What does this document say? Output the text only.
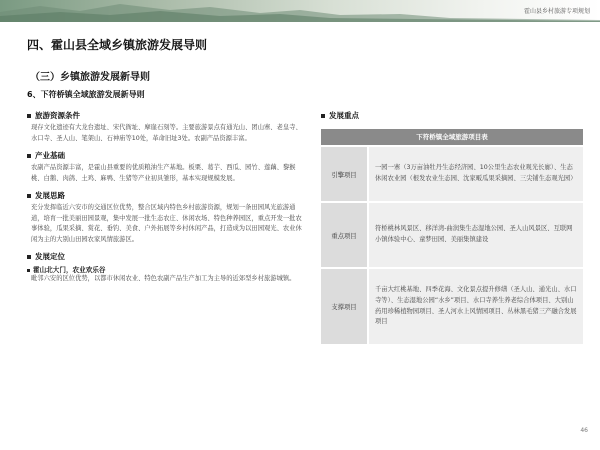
霍山县乡村旅游专项规划
四、霍山县全域乡镇旅游发展导则
（三）乡镇旅游发展新导则
6、下符桥镇全域旅游发展新导则
旅游资源条件
现存文化遗迹有大龙台遗址、宋代衙址、摩崖石刻等。主要旅游景点有通光山、团山寨、老皇寺、水口寺、圣人山、笔架山、石神庙等10处，革命旧址3处。农副产品资源丰富。
产业基础
农副产品资源丰富，是霍山县重要的优质粮油生产基地。板栗、葛芋、西瓜、园竹、莲藕、黎猴桃、白鹅、肉鸽、土鸡、麻鸭、生猪等产业初具雏形，基本实现规模发展。
发展思路
充分发挥临近六安市的交通区位优势，整合区域内特色乡村旅游资源，规划一条田园风光旅游通道，培育一批美丽田园景观，集中发展一批生态农庄、休闲农场、特色种养园区，重点开发一批农事体验，瓜果采摘、赏花、垂钓、美食、户外拓展等乡村休闲产品，打造成为以田园观光、农业休闲为主的大别山田园农家风情旅游区。
发展定位
霍山北大门，农业欢乐谷
毗邻六安的区位优势，以都市休闲农业、特色农副产品生产加工为主导的近郊型乡村旅游城镇。
发展重点
下符桥镇全域旅游项目表
引擎项目
一园一寨（3万亩油牡丹生态经济园、10公里生态农业观光长廊）、生态休闲农业园（根发农业生态园、沈家畈瓜果采摘园、三尖铺生态观光园）
重点项目
符桥桃林风景区、移洋湾-曲润集生态湿地公园、圣人山风景区、互联网小镇体验中心、童梦田园、美丽集镇建设
支撑项目
千亩大红桃基地、四季花海、文化景点提升修缮（圣人山、通光山、水口寺等）、生态湿地公园“水乡”项目、水口寺养生养老综合体项目、大别山药用珍稀植物园项目、圣人河水上风情园项目、丛林黑毛猪三产融合发展项目
46
